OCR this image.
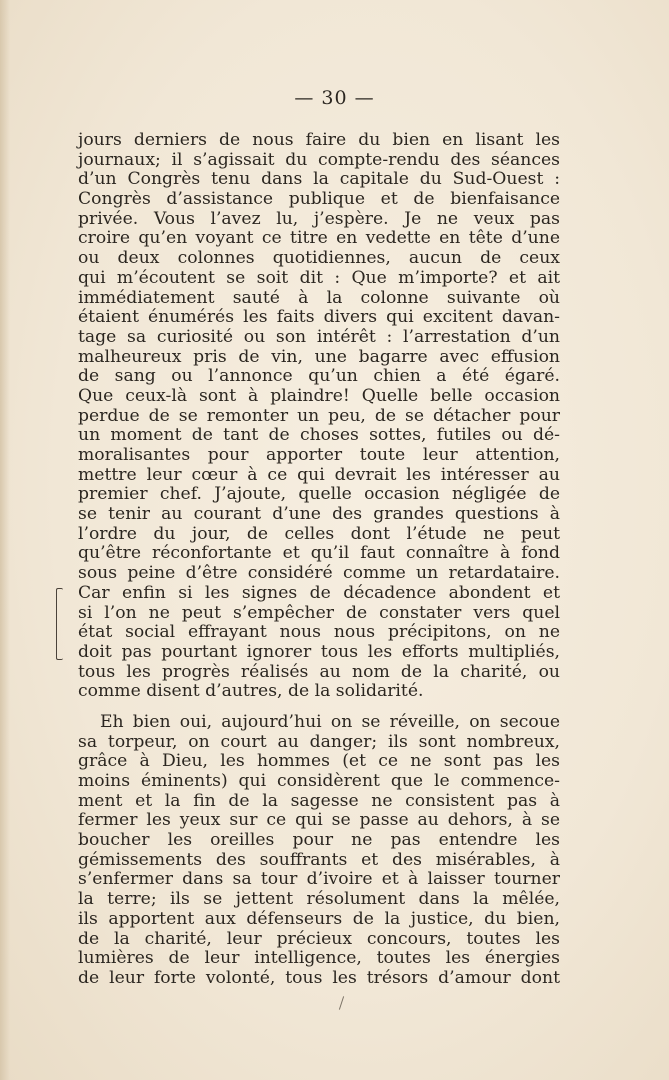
— 30 —
jours derniers de nous faire du bien en lisant les
journaux; il s’agissait du compte-rendu des séances
d’un Congrès tenu dans la capitale du Sud-Ouest :
Congrès d’assistance publique et de bienfaisance
privée. Vous l’avez lu, j’espère. Je ne veux pas
croire qu’en voyant ce titre en vedette en tête d’une
ou deux colonnes quotidiennes, aucun de ceux
qui m’écoutent se soit dit : Que m’importe? et ait
immédiatement sauté à la colonne suivante où
étaient énumérés les faits divers qui excitent davan-
tage sa curiosité ou son intérêt : l’arrestation d’un
malheureux pris de vin, une bagarre avec effusion
de sang ou l’annonce qu’un chien a été égaré.
Que ceux-là sont à plaindre! Quelle belle occasion
perdue de se remonter un peu, de se détacher pour
un moment de tant de choses sottes, futiles ou dé-
moralisantes pour apporter toute leur attention,
mettre leur cœur à ce qui devrait les intéresser au
premier chef. J’ajoute, quelle occasion négligée de
se tenir au courant d’une des grandes questions à
l’ordre du jour, de celles dont l’étude ne peut
qu’être réconfortante et qu’il faut connaître à fond
sous peine d’être considéré comme un retardataire.
Car enfin si les signes de décadence abondent et
si l’on ne peut s’empêcher de constater vers quel
état social effrayant nous nous précipitons, on ne
doit pas pourtant ignorer tous les efforts multipliés,
tous les progrès réalisés au nom de la charité, ou
comme disent d’autres, de la solidarité.
Eh bien oui, aujourd’hui on se réveille, on secoue
sa torpeur, on court au danger; ils sont nombreux,
grâce à Dieu, les hommes (et ce ne sont pas les
moins éminents) qui considèrent que le commence-
ment et la fin de la sagesse ne consistent pas à
fermer les yeux sur ce qui se passe au dehors, à se
boucher les oreilles pour ne pas entendre les
gémissements des souffrants et des misérables, à
s’enfermer dans sa tour d’ivoire et à laisser tourner
la terre; ils se jettent résolument dans la mêlée,
ils apportent aux défenseurs de la justice, du bien,
de la charité, leur précieux concours, toutes les
lumières de leur intelligence, toutes les énergies
de leur forte volonté, tous les trésors d’amour dont
